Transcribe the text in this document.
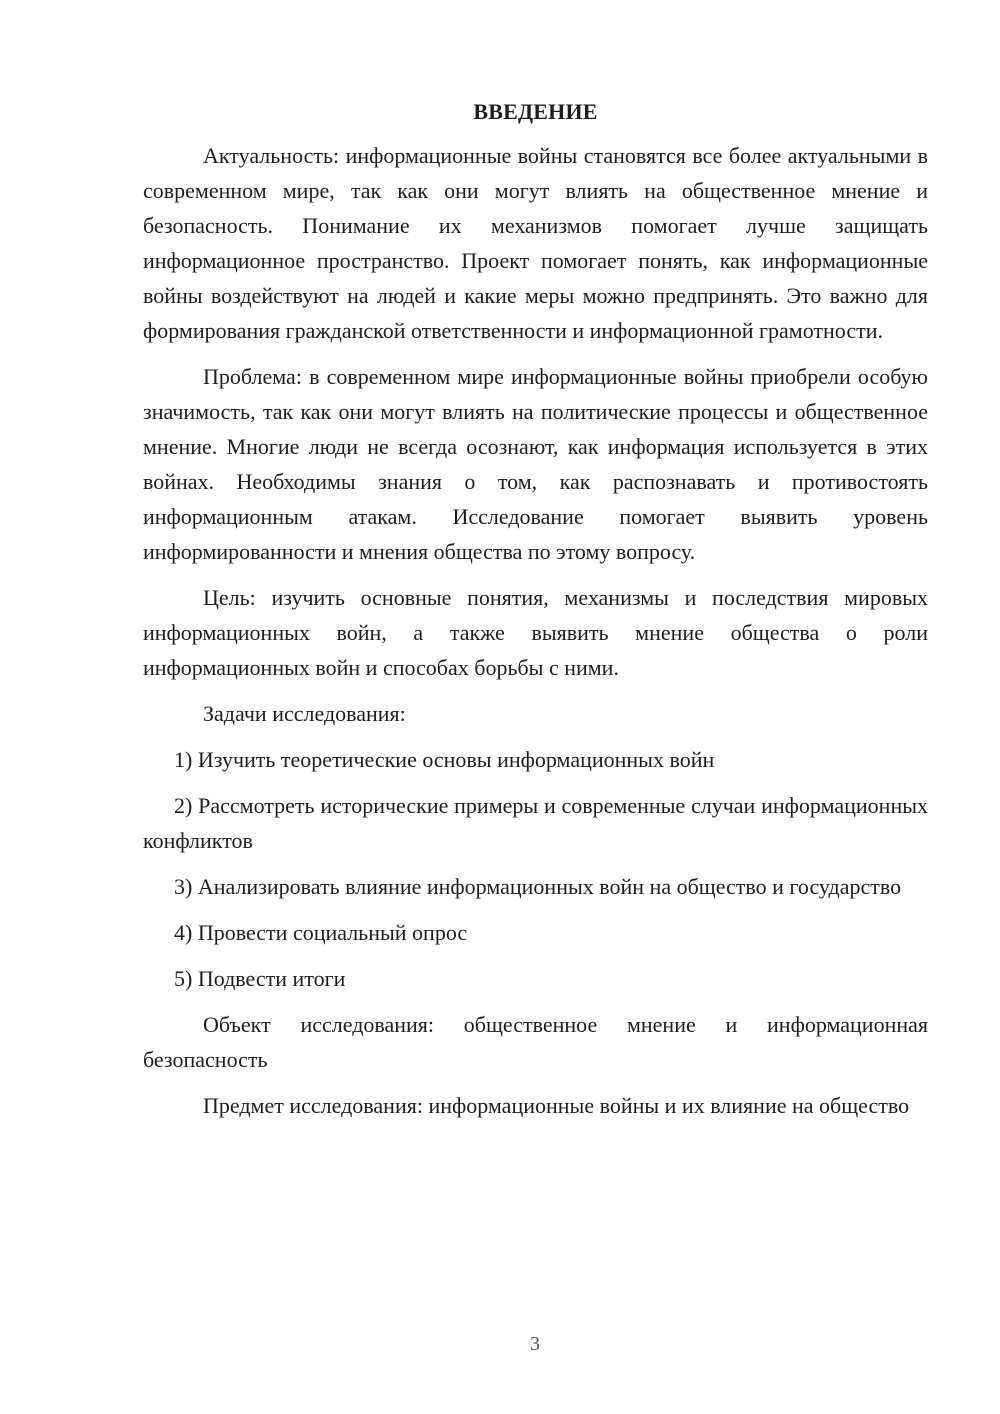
ВВЕДЕНИЕ

Актуальность: информационные войны становятся все более актуальными в современном мире, так как они могут влиять на общественное мнение и безопасность. Понимание их механизмов помогает лучше защищать информационное пространство. Проект помогает понять, как информационные войны воздействуют на людей и какие меры можно предпринять. Это важно для формирования гражданской ответственности и информационной грамотности.

Проблема: в современном мире информационные войны приобрели особую значимость, так как они могут влиять на политические процессы и общественное мнение. Многие люди не всегда осознают, как информация используется в этих войнах. Необходимы знания о том, как распознавать и противостоять информационным атакам. Исследование помогает выявить уровень информированности и мнения общества по этому вопросу.

Цель: изучить основные понятия, механизмы и последствия мировых информационных войн, а также выявить мнение общества о роли информационных войн и способах борьбы с ними.

Задачи исследования:

1) Изучить теоретические основы информационных войн

2) Рассмотреть исторические примеры и современные случаи информационных конфликтов

3) Анализировать влияние информационных войн на общество и государство

4) Провести социальный опрос

5) Подвести итоги

Объект исследования: общественное мнение и информационная безопасность

Предмет исследования: информационные войны и их влияние на общество

3
